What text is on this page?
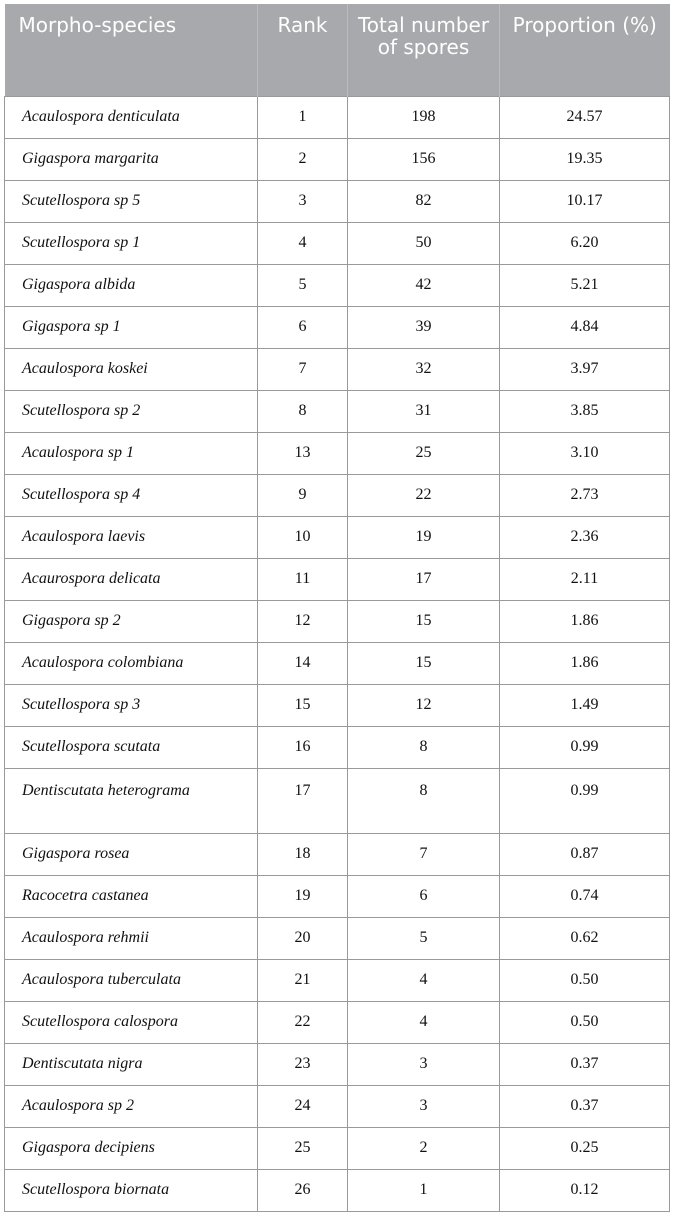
Morpho-species	Rank	Total number of spores	Proportion (%)
Acaulospora denticulata	1	198	24.57
Gigaspora margarita	2	156	19.35
Scutellospora sp 5	3	82	10.17
Scutellospora sp 1	4	50	6.20
Gigaspora albida	5	42	5.21
Gigaspora sp 1	6	39	4.84
Acaulospora koskei	7	32	3.97
Scutellospora sp 2	8	31	3.85
Acaulospora sp 1	13	25	3.10
Scutellospora sp 4	9	22	2.73
Acaulospora laevis	10	19	2.36
Acaurospora delicata	11	17	2.11
Gigaspora sp 2	12	15	1.86
Acaulospora colombiana	14	15	1.86
Scutellospora sp 3	15	12	1.49
Scutellospora scutata	16	8	0.99
Dentiscutata heterograma	17	8	0.99
Gigaspora rosea	18	7	0.87
Racocetra castanea	19	6	0.74
Acaulospora rehmii	20	5	0.62
Acaulospora tuberculata	21	4	0.50
Scutellospora calospora	22	4	0.50
Dentiscutata nigra	23	3	0.37
Acaulospora sp 2	24	3	0.37
Gigaspora decipiens	25	2	0.25
Scutellospora biornata	26	1	0.12
